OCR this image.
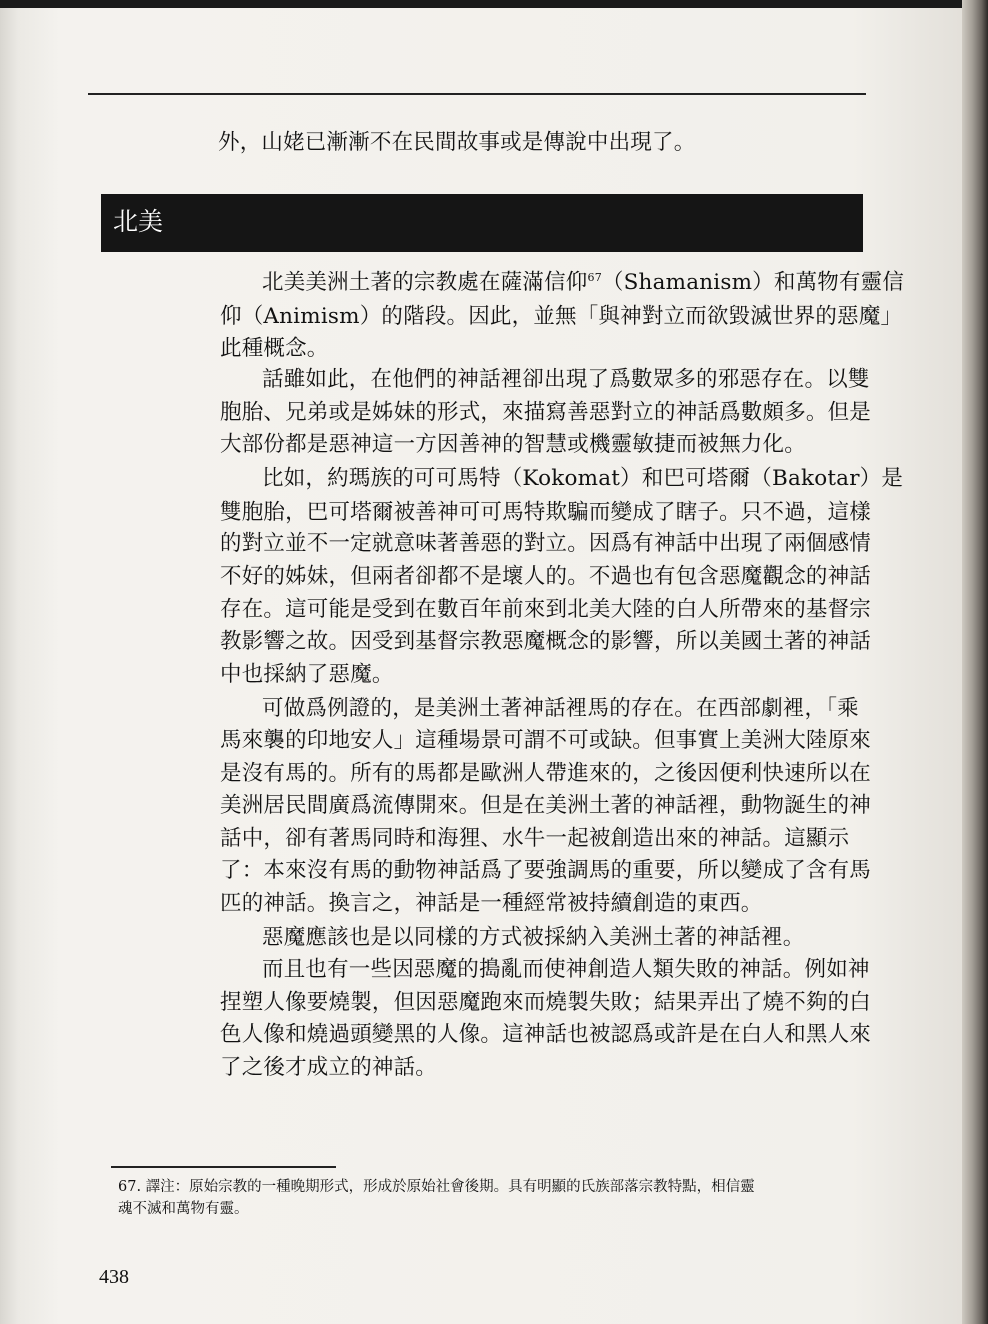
外，山姥已漸漸不在民間故事或是傳說中出現了。
北美
北美美洲土著的宗教處在薩滿信仰$^{67}$（Shamanism）和萬物有靈信
仰（Animism）的階段。因此，並無「與神對立而欲毀滅世界的惡魔」
此種概念。
話雖如此，在他們的神話裡卻出現了爲數眾多的邪惡存在。以雙
胞胎、兄弟或是姊妹的形式，來描寫善惡對立的神話爲數頗多。但是
大部份都是惡神這一方因善神的智慧或機靈敏捷而被無力化。
比如，約瑪族的可可馬特（Kokomat）和巴可塔爾（Bakotar）是
雙胞胎，巴可塔爾被善神可可馬特欺騙而變成了瞎子。只不過，這樣
的對立並不一定就意味著善惡的對立。因爲有神話中出現了兩個感情
不好的姊妹，但兩者卻都不是壞人的。不過也有包含惡魔觀念的神話
存在。這可能是受到在數百年前來到北美大陸的白人所帶來的基督宗
教影響之故。因受到基督宗教惡魔概念的影響，所以美國土著的神話
中也採納了惡魔。
可做爲例證的，是美洲土著神話裡馬的存在。在西部劇裡，「乘
馬來襲的印地安人」這種場景可謂不可或缺。但事實上美洲大陸原來
是沒有馬的。所有的馬都是歐洲人帶進來的，之後因便利快速所以在
美洲居民間廣爲流傳開來。但是在美洲土著的神話裡，動物誕生的神
話中，卻有著馬同時和海狸、水牛一起被創造出來的神話。這顯示
了：本來沒有馬的動物神話爲了要強調馬的重要，所以變成了含有馬
匹的神話。換言之，神話是一種經常被持續創造的東西。
惡魔應該也是以同樣的方式被採納入美洲土著的神話裡。
而且也有一些因惡魔的搗亂而使神創造人類失敗的神話。例如神
捏塑人像要燒製，但因惡魔跑來而燒製失敗；結果弄出了燒不夠的白
色人像和燒過頭變黑的人像。這神話也被認爲或許是在白人和黑人來
了之後才成立的神話。
67. 譯注：原始宗教的一種晚期形式，形成於原始社會後期。具有明顯的氏族部落宗教特點，相信靈
魂不滅和萬物有靈。
438
